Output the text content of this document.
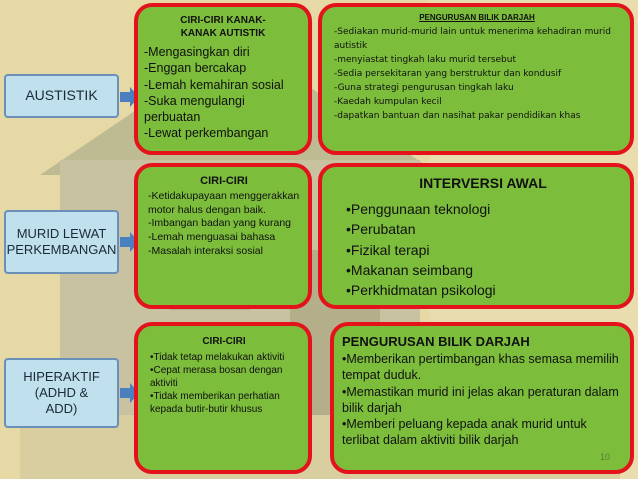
AUSTISTIK
MURID LEWAT PERKEMBANGAN
HIPERAKTIF (ADHD & ADD)
CIRI-CIRI KANAK-KANAK AUTISTIK
-Mengasingkan diri
-Enggan bercakap
-Lemah kemahiran sosial
-Suka mengulangi perbuatan
-Lewat perkembangan
PENGURUSAN BILIK DARJAH
-Sediakan murid-murid lain untuk menerima kehadiran murid autistik
-menyiastat tingkah laku murid tersebut
-Sedia persekitaran yang berstruktur dan kondusif
-Guna strategi pengurusan tingkah laku
-Kaedah kumpulan kecil
-dapatkan bantuan dan nasihat pakar pendidikan khas
CIRI-CIRI
-Ketidakupayaan menggerakkan motor halus dengan baik.
-Imbangan badan yang kurang
-Lemah menguasai bahasa
-Masalah interaksi sosial
INTERVERSI AWAL
•Penggunaan teknologi
•Perubatan
•Fizikal terapi
•Makanan seimbang
•Perkhidmatan psikologi
CIRI-CIRI
•Tidak tetap melakukan aktiviti
•Cepat merasa bosan dengan aktiviti
•Tidak memberikan perhatian kepada butir-butir khusus
PENGURUSAN BILIK DARJAH
•Memberikan pertimbangan khas semasa memilih tempat duduk.
•Memastikan murid ini jelas akan peraturan dalam bilik darjah
•Memberi peluang kepada anak murid untuk terlibat dalam aktiviti bilik darjah
10
